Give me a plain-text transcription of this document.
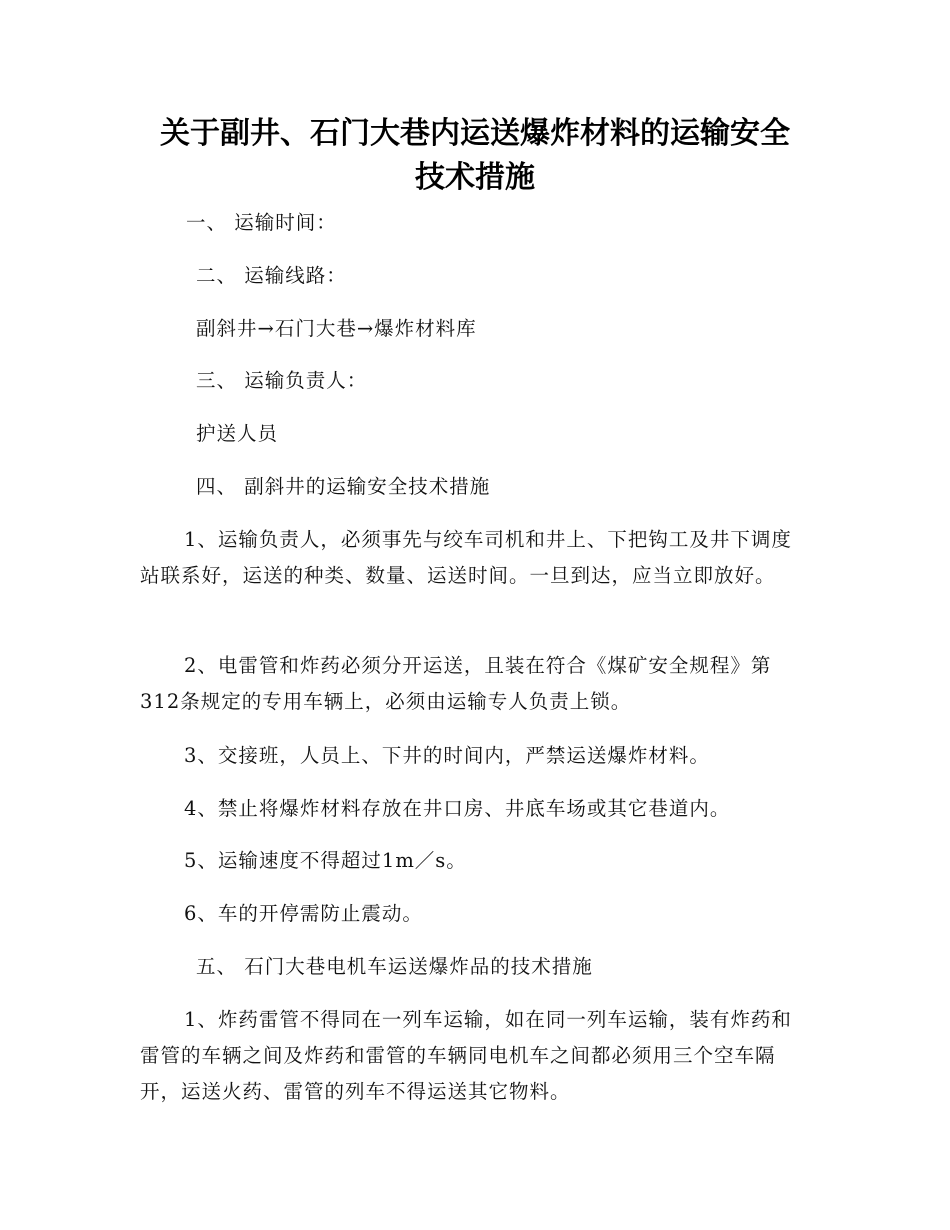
关于副井、石门大巷内运送爆炸材料的运输安全
技术措施
一、 运输时间：
二、 运输线路：
副斜井→石门大巷→爆炸材料库
三、 运输负责人：
护送人员
四、 副斜井的运输安全技术措施

1、运输负责人，必须事先与绞车司机和井上、下把钩工及井下调度站联系好，运送的种类、数量、运送时间。一旦到达，应当立即放好。

2、电雷管和炸药必须分开运送，且装在符合《煤矿安全规程》第312条规定的专用车辆上，必须由运输专人负责上锁。

3、交接班，人员上、下井的时间内，严禁运送爆炸材料。

4、禁止将爆炸材料存放在井口房、井底车场或其它巷道内。

5、运输速度不得超过1m／s。

6、车的开停需防止震动。

五、 石门大巷电机车运送爆炸品的技术措施

1、炸药雷管不得同在一列车运输，如在同一列车运输，装有炸药和雷管的车辆之间及炸药和雷管的车辆同电机车之间都必须用三个空车隔开，运送火药、雷管的列车不得运送其它物料。
